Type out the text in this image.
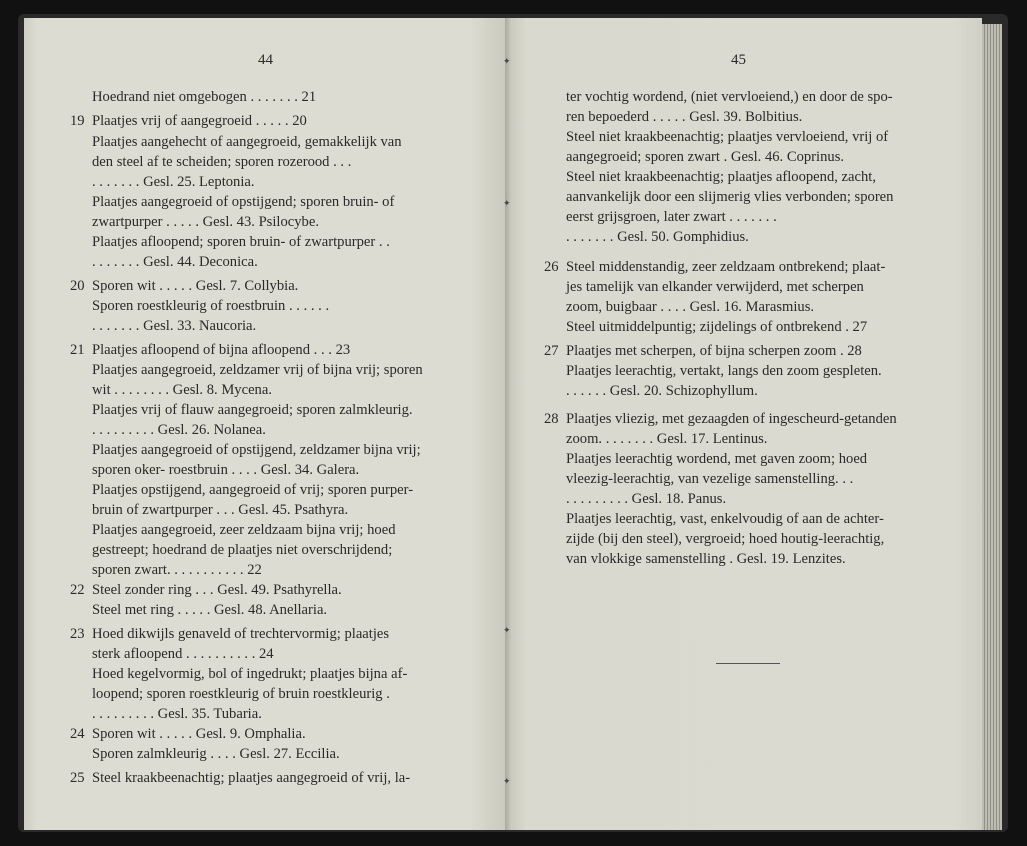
44	45
Hoedrand niet omgebogen . . . . . . . 21
19 Plaatjes vrij of aangegroeid . . . . . 20
Plaatjes aangehecht of aangegroeid, gemakkelijk van
den steel af te scheiden; sporen rozerood . . .
. . . . . . . Gesl. 25. Leptonia.
Plaatjes aangegroeid of opstijgend; sporen bruin- of
zwartpurper . . . . . Gesl. 43. Psilocybe.
Plaatjes afloopend; sporen bruin- of zwartpurper . .
. . . . . . . Gesl. 44. Deconica.
20 Sporen wit . . . . . Gesl. 7. Collybia.
Sporen roestkleurig of roestbruin . . . . . .
. . . . . . . Gesl. 33. Naucoria.
21 Plaatjes afloopend of bijna afloopend . . . 23
Plaatjes aangegroeid, zeldzamer vrij of bijna vrij; sporen
wit . . . . . . . . Gesl. 8. Mycena.
Plaatjes vrij of flauw aangegroeid; sporen zalmkleurig.
. . . . . . . . . Gesl. 26. Nolanea.
Plaatjes aangegroeid of opstijgend, zeldzamer bijna vrij;
sporen oker- roestbruin . . . . Gesl. 34. Galera.
Plaatjes opstijgend, aangegroeid of vrij; sporen purper-
bruin of zwartpurper . . . Gesl. 45. Psathyra.
Plaatjes aangegroeid, zeer zeldzaam bijna vrij; hoed
gestreept; hoedrand de plaatjes niet overschrijdend;
sporen zwart. . . . . . . . . . . 22
22 Steel zonder ring . . . Gesl. 49. Psathyrella.
Steel met ring . . . . . Gesl. 48. Anellaria.
23 Hoed dikwijls genaveld of trechtervormig; plaatjes
sterk afloopend . . . . . . . . . . 24
Hoed kegelvormig, bol of ingedrukt; plaatjes bijna af-
loopend; sporen roestkleurig of bruin roestkleurig .
. . . . . . . . . Gesl. 35. Tubaria.
24 Sporen wit . . . . . Gesl. 9. Omphalia.
Sporen zalmkleurig . . . . Gesl. 27. Eccilia.
25 Steel kraakbeenachtig; plaatjes aangegroeid of vrij, la-
ter vochtig wordend, (niet vervloeiend,) en door de spo-
ren bepoederd . . . . . Gesl. 39. Bolbitius.
Steel niet kraakbeenachtig; plaatjes vervloeiend, vrij of
aangegroeid; sporen zwart . Gesl. 46. Coprinus.
Steel niet kraakbeenachtig; plaatjes afloopend, zacht,
aanvankelijk door een slijmerig vlies verbonden; sporen
eerst grijsgroen, later zwart . . . . . . .
. . . . . . . Gesl. 50. Gomphidius.
26 Steel middenstandig, zeer zeldzaam ontbrekend; plaat-
jes tamelijk van elkander verwijderd, met scherpen
zoom, buigbaar . . . . Gesl. 16. Marasmius.
Steel uitmiddelpuntig; zijdelings of ontbrekend . 27
27 Plaatjes met scherpen, of bijna scherpen zoom . 28
Plaatjes leerachtig, vertakt, langs den zoom gespleten.
. . . . . . Gesl. 20. Schizophyllum.
28 Plaatjes vliezig, met gezaagden of ingescheurd-getanden
zoom. . . . . . . . Gesl. 17. Lentinus.
Plaatjes leerachtig wordend, met gaven zoom; hoed
vleezig-leerachtig, van vezelige samenstelling. . .
. . . . . . . . . Gesl. 18. Panus.
Plaatjes leerachtig, vast, enkelvoudig of aan de achter-
zijde (bij den steel), vergroeid; hoed houtig-leerachtig,
van vlokkige samenstelling . Gesl. 19. Lenzites.
✦
✦
✦
✦
